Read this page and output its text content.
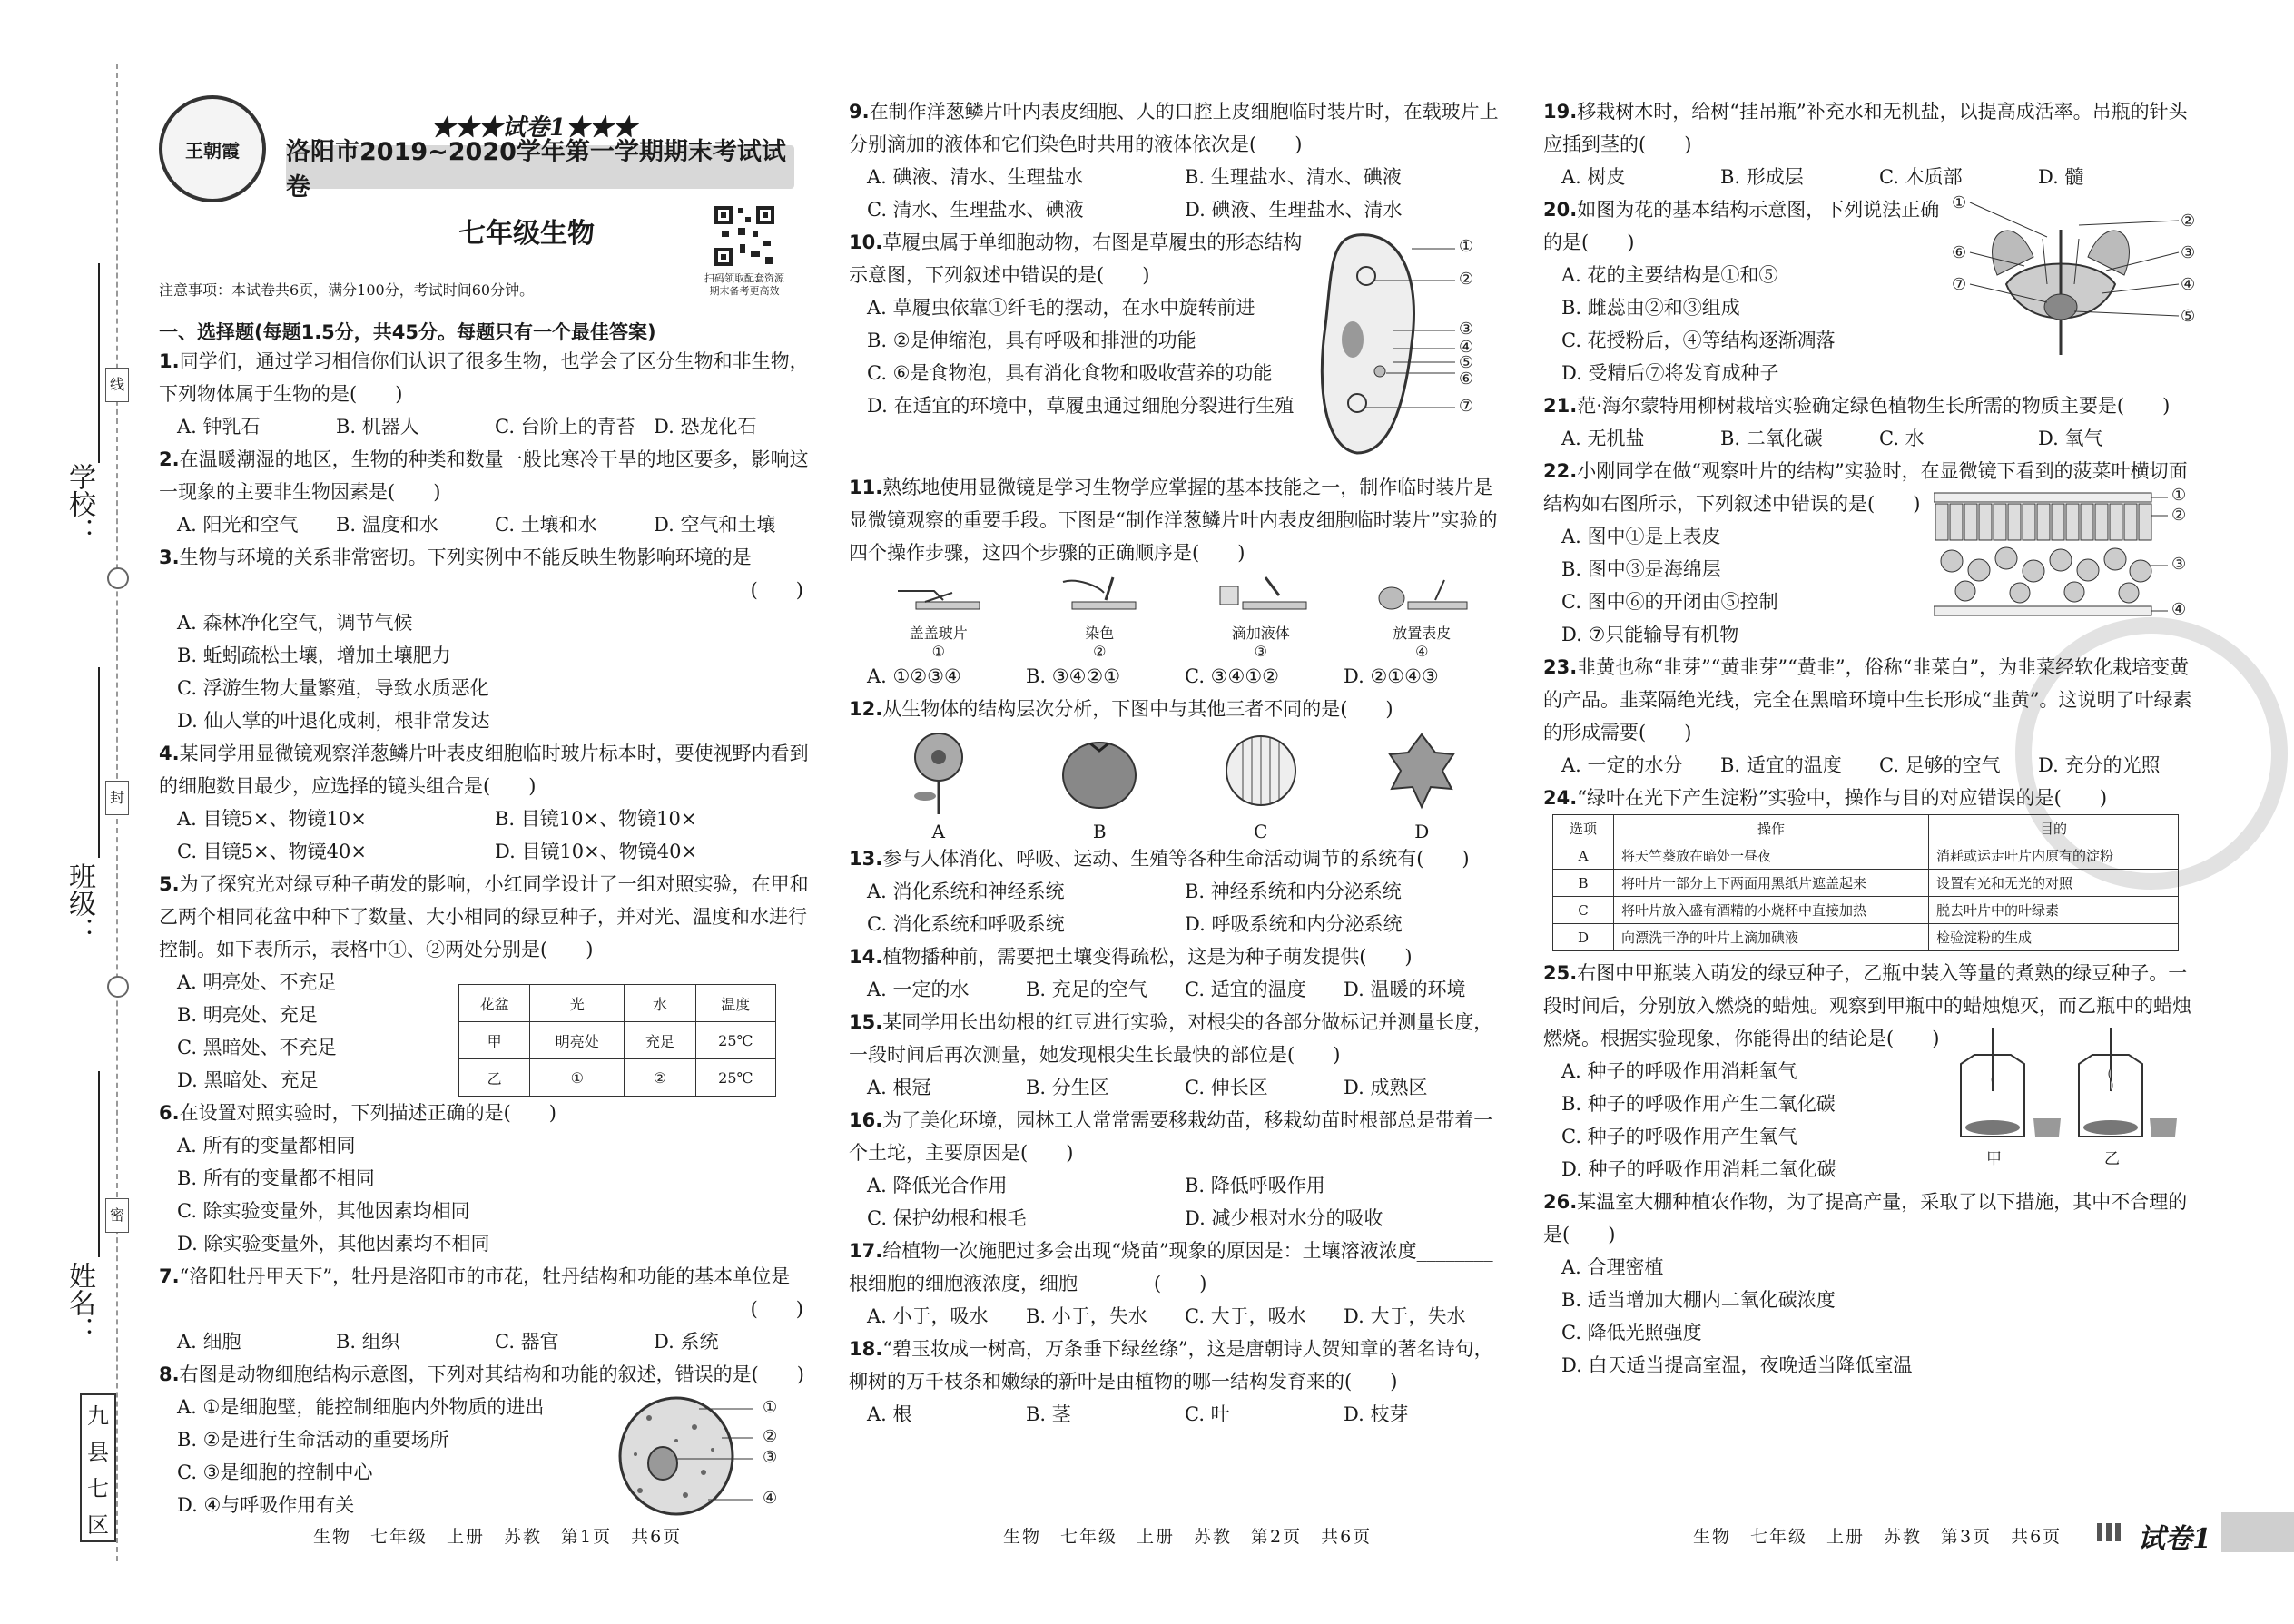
线
封
密
学校：
班级：
姓名：
九
县
七
区
王朝霞
★★★试卷1★★★
洛阳市2019~2020学年第一学期期末考试试卷
七年级生物
扫码领取配套资源
期末备考更高效
注意事项：本试卷共6页，满分100分，考试时间60分钟。
一、选择题(每题1.5分，共45分。每题只有一个最佳答案)
1.同学们，通过学习相信你们认识了很多生物，也学会了区分生物和非生物，下列物体属于生物的是(　　)
A. 钟乳石	B. 机器人	C. 台阶上的青苔 D. 恐龙化石
2.在温暖潮湿的地区，生物的种类和数量一般比寒冷干旱的地区要多，影响这一现象的主要非生物因素是(　　)
A. 阳光和空气	B. 温度和水	C. 土壤和水	D. 空气和土壤
3.生物与环境的关系非常密切。下列实例中不能反映生物影响环境的是
(　　)
A. 森林净化空气，调节气候
B. 蚯蚓疏松土壤，增加土壤肥力
C. 浮游生物大量繁殖，导致水质恶化
D. 仙人掌的叶退化成刺，根非常发达
4.某同学用显微镜观察洋葱鳞片叶表皮细胞临时玻片标本时，要使视野内看到的细胞数目最少，应选择的镜头组合是(　　)
A. 目镜5×、物镜10×	B. 目镜10×、物镜10×
C. 目镜5×、物镜40×	D. 目镜10×、物镜40×
5.为了探究光对绿豆种子萌发的影响，小红同学设计了一组对照实验，在甲和乙两个相同花盆中种下了数量、大小相同的绿豆种子，并对光、温度和水进行控制。如下表所示，表格中①、②两处分别是(　　)
A. 明亮处、不充足
B. 明亮处、充足
C. 黑暗处、不充足
D. 黑暗处、充足
花盆	光	水	温度
甲	明亮处	充足	25℃
乙	①	②	25℃
6.在设置对照实验时，下列描述正确的是(　　)
A. 所有的变量都相同
B. 所有的变量都不相同
C. 除实验变量外，其他因素均相同
D. 除实验变量外，其他因素均不相同
7.“洛阳牡丹甲天下”，牡丹是洛阳市的市花，牡丹结构和功能的基本单位是
(　　)
A. 细胞	B. 组织	C. 器官	D. 系统
8.右图是动物细胞结构示意图，下列对其结构和功能的叙述，错误的是(　　)
A. ①是细胞壁，能控制细胞内外物质的进出
B. ②是进行生命活动的重要场所
C. ③是细胞的控制中心
D. ④与呼吸作用有关
①
②
③
④
生物　七年级　上册　苏教　第1页　共6页
9.在制作洋葱鳞片叶内表皮细胞、人的口腔上皮细胞临时装片时，在载玻片上分别滴加的液体和它们染色时共用的液体依次是(　　)
A. 碘液、清水、生理盐水	B. 生理盐水、清水、碘液
C. 清水、生理盐水、碘液	D. 碘液、生理盐水、清水
10.草履虫属于单细胞动物，右图是草履虫的形态结构示意图，下列叙述中错误的是(　　)
A. 草履虫依靠①纤毛的摆动，在水中旋转前进
B. ②是伸缩泡，具有呼吸和排泄的功能
C. ⑥是食物泡，具有消化食物和吸收营养的功能
D. 在适宜的环境中，草履虫通过细胞分裂进行生殖
①
②
③
④
⑤
⑥
⑦
11.熟练地使用显微镜是学习生物学应掌握的基本技能之一，制作临时装片是显微镜观察的重要手段。下图是“制作洋葱鳞片叶内表皮细胞临时装片”实验的四个操作步骤，这四个步骤的正确顺序是(　　)
盖盖玻片
①
染色
②
滴加液体
③
放置表皮
④
A. ①②③④	B. ③④②①	C. ③④①②	D. ②①④③
12.从生物体的结构层次分析，下图中与其他三者不同的是(　　)
A	B	C	D
13.参与人体消化、呼吸、运动、生殖等各种生命活动调节的系统有(　　)
A. 消化系统和神经系统	B. 神经系统和内分泌系统
C. 消化系统和呼吸系统	D. 呼吸系统和内分泌系统
14.植物播种前，需要把土壤变得疏松，这是为种子萌发提供(　　)
A. 一定的水	B. 充足的空气	C. 适宜的温度	D. 温暖的环境
15.某同学用长出幼根的红豆进行实验，对根尖的各部分做标记并测量长度，一段时间后再次测量，她发现根尖生长最快的部位是(　　)
A. 根冠	B. 分生区	C. 伸长区	D. 成熟区
16.为了美化环境，园林工人常常需要移栽幼苗，移栽幼苗时根部总是带着一个土坨，主要原因是(　　)
A. 降低光合作用	B. 降低呼吸作用
C. 保护幼根和根毛	D. 减少根对水分的吸收
17.给植物一次施肥过多会出现“烧苗”现象的原因是：土壤溶液浓度________根细胞的细胞液浓度，细胞________(　　)
A. 小于，吸水	B. 小于，失水	C. 大于，吸水	D. 大于，失水
18.“碧玉妆成一树高，万条垂下绿丝绦”，这是唐朝诗人贺知章的著名诗句，柳树的万千枝条和嫩绿的新叶是由植物的哪一结构发育来的(　　)
A. 根	B. 茎	C. 叶	D. 枝芽
生物　七年级　上册　苏教　第2页　共6页
19.移栽树木时，给树“挂吊瓶”补充水和无机盐，以提高成活率。吊瓶的针头应插到茎的(　　)
A. 树皮	B. 形成层	C. 木质部	D. 髓
20.如图为花的基本结构示意图，下列说法正确的是(　　)
A. 花的主要结构是①和⑤
B. 雌蕊由②和③组成
C. 花授粉后，④等结构逐渐凋落
D. 受精后⑦将发育成种子
①
②
③
④
⑤
⑥
⑦
21.范·海尔蒙特用柳树栽培实验确定绿色植物生长所需的物质主要是(　　)
A. 无机盐	B. 二氧化碳	C. 水	D. 氧气
22.小刚同学在做“观察叶片的结构”实验时，在显微镜下看到的菠菜叶横切面结构如右图所示，下列叙述中错误的是(　　)
A. 图中①是上表皮
B. 图中③是海绵层
C. 图中⑥的开闭由⑤控制
D. ⑦只能输导有机物
①
②
③
④
23.韭黄也称“韭芽”“黄韭芽”“黄韭”，俗称“韭菜白”，为韭菜经软化栽培变黄的产品。韭菜隔绝光线，完全在黑暗环境中生长形成“韭黄”。这说明了叶绿素的形成需要(　　)
A. 一定的水分	B. 适宜的温度	C. 足够的空气	D. 充分的光照
24.“绿叶在光下产生淀粉”实验中，操作与目的对应错误的是(　　)
选项	操作	目的
A	将天竺葵放在暗处一昼夜	消耗或运走叶片内原有的淀粉
B	将叶片一部分上下两面用黑纸片遮盖起来	设置有光和无光的对照
C	将叶片放入盛有酒精的小烧杯中直接加热	脱去叶片中的叶绿素
D	向漂洗干净的叶片上滴加碘液	检验淀粉的生成
25.右图中甲瓶装入萌发的绿豆种子，乙瓶中装入等量的煮熟的绿豆种子。一段时间后，分别放入燃烧的蜡烛。观察到甲瓶中的蜡烛熄灭，而乙瓶中的蜡烛燃烧。根据实验现象，你能得出的结论是(　　)
A. 种子的呼吸作用消耗氧气
B. 种子的呼吸作用产生二氧化碳
C. 种子的呼吸作用产生氧气
D. 种子的呼吸作用消耗二氧化碳	甲	乙
26.某温室大棚种植农作物，为了提高产量，采取了以下措施，其中不合理的是(　　)
A. 合理密植
B. 适当增加大棚内二氧化碳浓度
C. 降低光照强度
D. 白天适当提高室温，夜晚适当降低室温
生物　七年级　上册　苏教　第3页　共6页	试卷1
